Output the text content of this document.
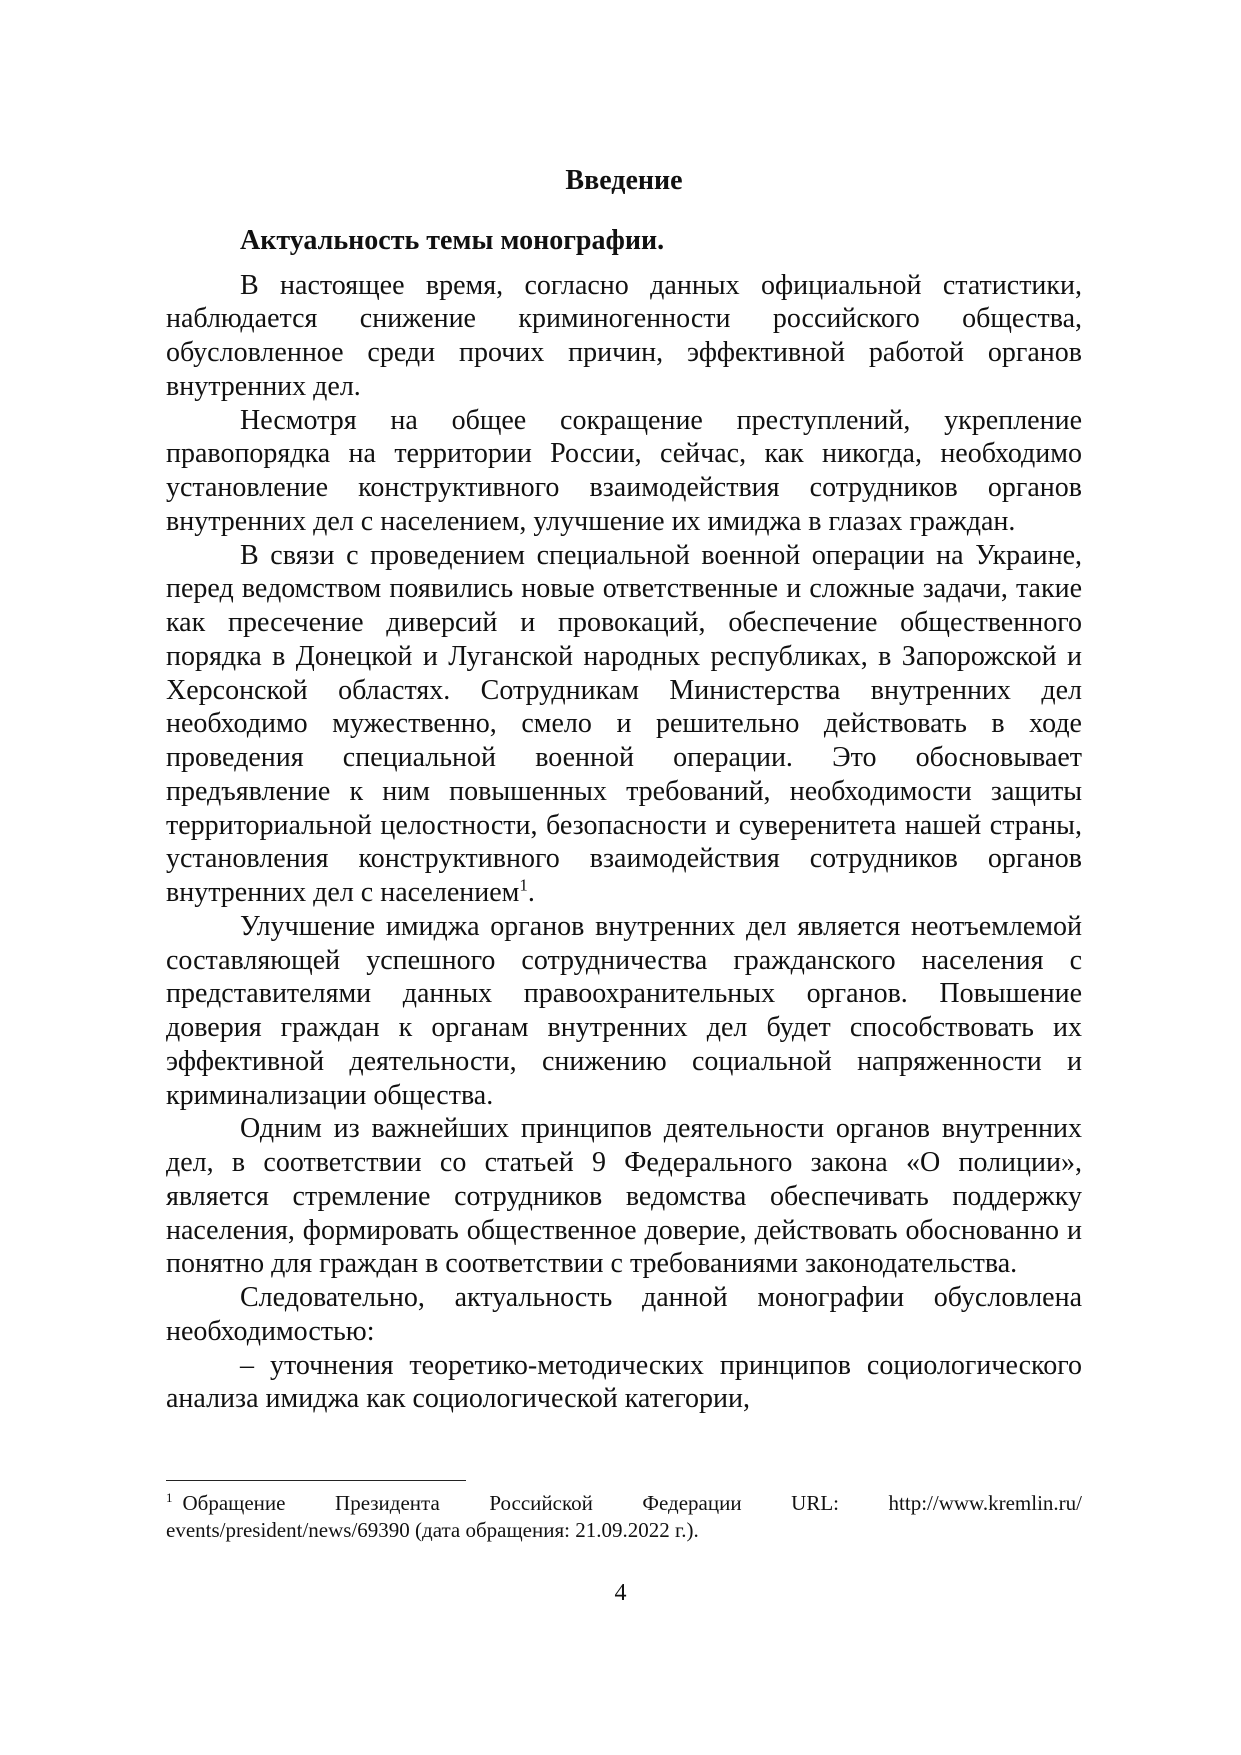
Введение

Актуальность темы монографии.

В настоящее время, согласно данных официальной статистики, наблюдается снижение криминогенности российского общества, обусловленное среди прочих причин, эффективной работой органов внутренних дел.

Несмотря на общее сокращение преступлений, укрепление правопорядка на территории России, сейчас, как никогда, необходимо установление конструктивного взаимодействия сотрудников органов внутренних дел с населением, улучшение их имиджа в глазах граждан.

В связи с проведением специальной военной операции на Украине, перед ведомством появились новые ответственные и сложные задачи, такие как пресечение диверсий и провокаций, обеспечение общественного порядка в Донецкой и Луганской народных республиках, в Запорожской и Херсонской областях. Сотрудникам Министерства внутренних дел необходимо мужественно, смело и решительно действовать в ходе проведения специальной военной операции. Это обосновывает предъявление к ним повышенных требований, необходимости защиты территориальной целостности, безопасности и суверенитета нашей страны, установления конструктивного взаимодействия сотрудников органов внутренних дел с населением$^1$.

Улучшение имиджа органов внутренних дел является неотъемлемой составляющей успешного сотрудничества гражданского населения с представителями данных правоохранительных органов. Повышение доверия граждан к органам внутренних дел будет способствовать их эффективной деятельности, снижению социальной напряженности и криминализации общества.

Одним из важнейших принципов деятельности органов внутренних дел, в соответствии со статьей 9 Федерального закона «О полиции», является стремление сотрудников ведомства обеспечивать поддержку населения, формировать общественное доверие, действовать обоснованно и понятно для граждан в соответствии с требованиями законодательства.

Следовательно, актуальность данной монографии обусловлена необходимостью:

– уточнения теоретико-методических принципов социологического анализа имиджа как социологической категории,

$^1$ Обращение Президента Российской Федерации URL: http://www.kremlin.ru/ events/president/news/69390 (дата обращения: 21.09.2022 г.).

4
